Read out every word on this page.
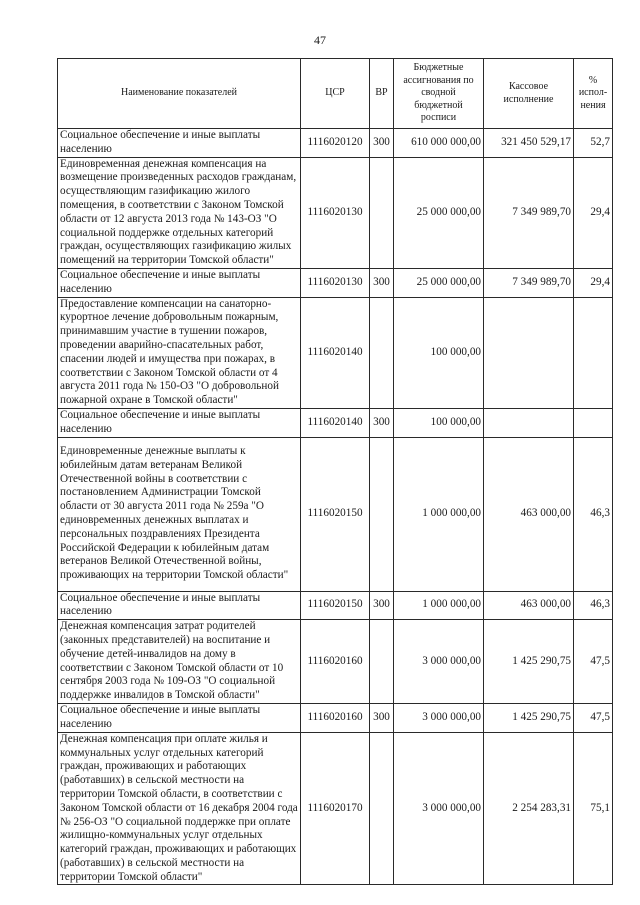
47
Наименование показателей	ЦСР	ВР	Бюджетные ассигнования по сводной бюджетной росписи	Кассовое исполнение	% испол-нения
Социальное обеспечение и иные выплаты населению	1116020120	300	610 000 000,00	321 450 529,17	52,7
Единовременная денежная компенсация на возмещение произведенных расходов гражданам, осуществляющим газификацию жилого помещения, в соответствии с Законом Томской области от 12 августа 2013 года № 143-ОЗ "О социальной поддержке отдельных категорий граждан, осуществляющих газификацию жилых помещений на территории Томской области"	1116020130		25 000 000,00	7 349 989,70	29,4
Социальное обеспечение и иные выплаты населению	1116020130	300	25 000 000,00	7 349 989,70	29,4
Предоставление компенсации на санаторно-курортное лечение добровольным пожарным, принимавшим участие в тушении пожаров, проведении аварийно-спасательных работ, спасении людей и имущества при пожарах, в соответствии с Законом Томской области от 4 августа 2011 года № 150-ОЗ "О добровольной пожарной охране в Томской области"	1116020140		100 000,00		
Социальное обеспечение и иные выплаты населению	1116020140	300	100 000,00		
Единовременные денежные выплаты к юбилейным датам ветеранам Великой Отечественной войны в соответствии с постановлением Администрации Томской области от 30 августа 2011 года № 259а "О единовременных денежных выплатах и персональных поздравлениях Президента Российской Федерации к юбилейным датам ветеранов Великой Отечественной войны, проживающих на территории Томской области"	1116020150		1 000 000,00	463 000,00	46,3
Социальное обеспечение и иные выплаты населению	1116020150	300	1 000 000,00	463 000,00	46,3
Денежная компенсация затрат родителей (законных представителей) на воспитание и обучение детей-инвалидов на дому в соответствии с Законом Томской области от 10 сентября 2003 года № 109-ОЗ "О социальной поддержке инвалидов в Томской области"	1116020160		3 000 000,00	1 425 290,75	47,5
Социальное обеспечение и иные выплаты населению	1116020160	300	3 000 000,00	1 425 290,75	47,5
Денежная компенсация при оплате жилья и коммунальных услуг отдельных категорий граждан, проживающих и работающих (работавших) в сельской местности на территории Томской области, в соответствии с Законом Томской области от 16 декабря 2004 года № 256-ОЗ "О социальной поддержке при оплате жилищно-коммунальных услуг отдельных категорий граждан, проживающих и работающих (работавших) в сельской местности на территории Томской области"	1116020170		3 000 000,00	2 254 283,31	75,1
